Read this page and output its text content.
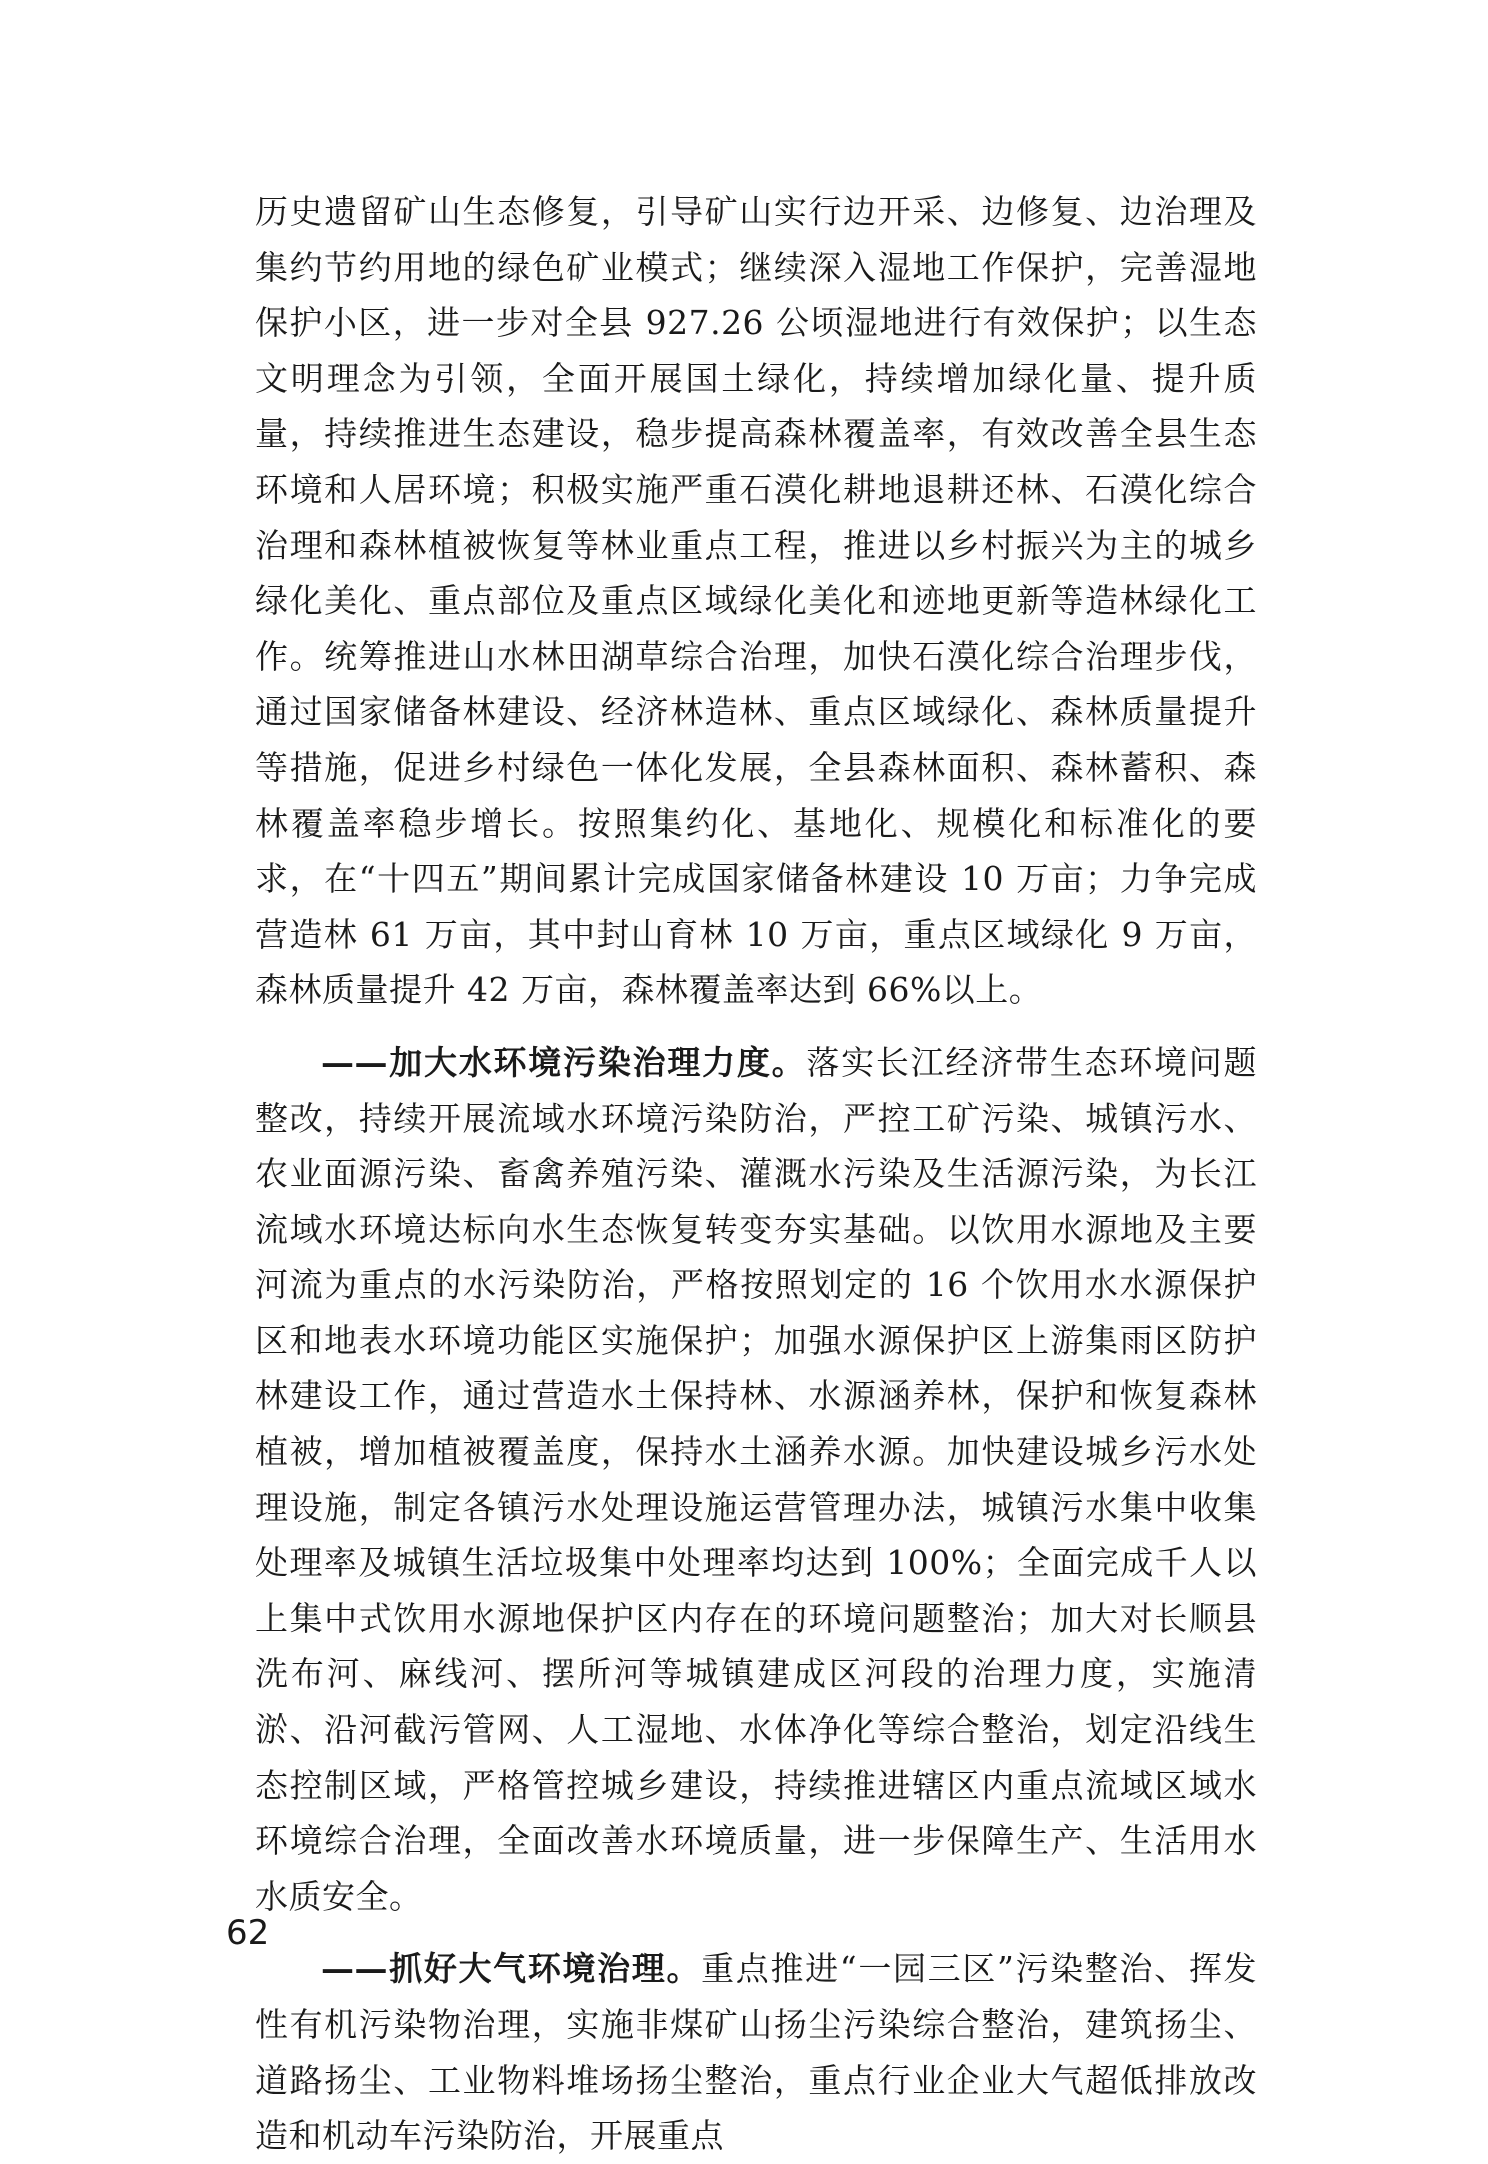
历史遗留矿山生态修复，引导矿山实行边开采、边修复、边治理及集约节约用地的绿色矿业模式；继续深入湿地工作保护，完善湿地保护小区，进一步对全县 927.26 公顷湿地进行有效保护；以生态文明理念为引领，全面开展国土绿化，持续增加绿化量、提升质量，持续推进生态建设，稳步提高森林覆盖率，有效改善全县生态环境和人居环境；积极实施严重石漠化耕地退耕还林、石漠化综合治理和森林植被恢复等林业重点工程，推进以乡村振兴为主的城乡绿化美化、重点部位及重点区域绿化美化和迹地更新等造林绿化工作。统筹推进山水林田湖草综合治理，加快石漠化综合治理步伐，通过国家储备林建设、经济林造林、重点区域绿化、森林质量提升等措施，促进乡村绿色一体化发展，全县森林面积、森林蓄积、森林覆盖率稳步增长。按照集约化、基地化、规模化和标准化的要求，在“十四五”期间累计完成国家储备林建设 10 万亩；力争完成营造林 61 万亩，其中封山育林 10 万亩，重点区域绿化 9 万亩，森林质量提升 42 万亩，森林覆盖率达到 66%以上。

——加大水环境污染治理力度。落实长江经济带生态环境问题整改，持续开展流域水环境污染防治，严控工矿污染、城镇污水、农业面源污染、畜禽养殖污染、灌溉水污染及生活源污染，为长江流域水环境达标向水生态恢复转变夯实基础。以饮用水源地及主要河流为重点的水污染防治，严格按照划定的 16 个饮用水水源保护区和地表水环境功能区实施保护；加强水源保护区上游集雨区防护林建设工作，通过营造水土保持林、水源涵养林，保护和恢复森林植被，增加植被覆盖度，保持水土涵养水源。加快建设城乡污水处理设施，制定各镇污水处理设施运营管理办法，城镇污水集中收集处理率及城镇生活垃圾集中处理率均达到 100%；全面完成千人以上集中式饮用水源地保护区内存在的环境问题整治；加大对长顺县洗布河、麻线河、摆所河等城镇建成区河段的治理力度，实施清淤、沿河截污管网、人工湿地、水体净化等综合整治，划定沿线生态控制区域，严格管控城乡建设，持续推进辖区内重点流域区域水环境综合治理，全面改善水环境质量，进一步保障生产、生活用水水质安全。

——抓好大气环境治理。重点推进“一园三区”污染整治、挥发性有机污染物治理，实施非煤矿山扬尘污染综合整治，建筑扬尘、道路扬尘、工业物料堆场扬尘整治，重点行业企业大气超低排放改造和机动车污染防治，开展重点

62
